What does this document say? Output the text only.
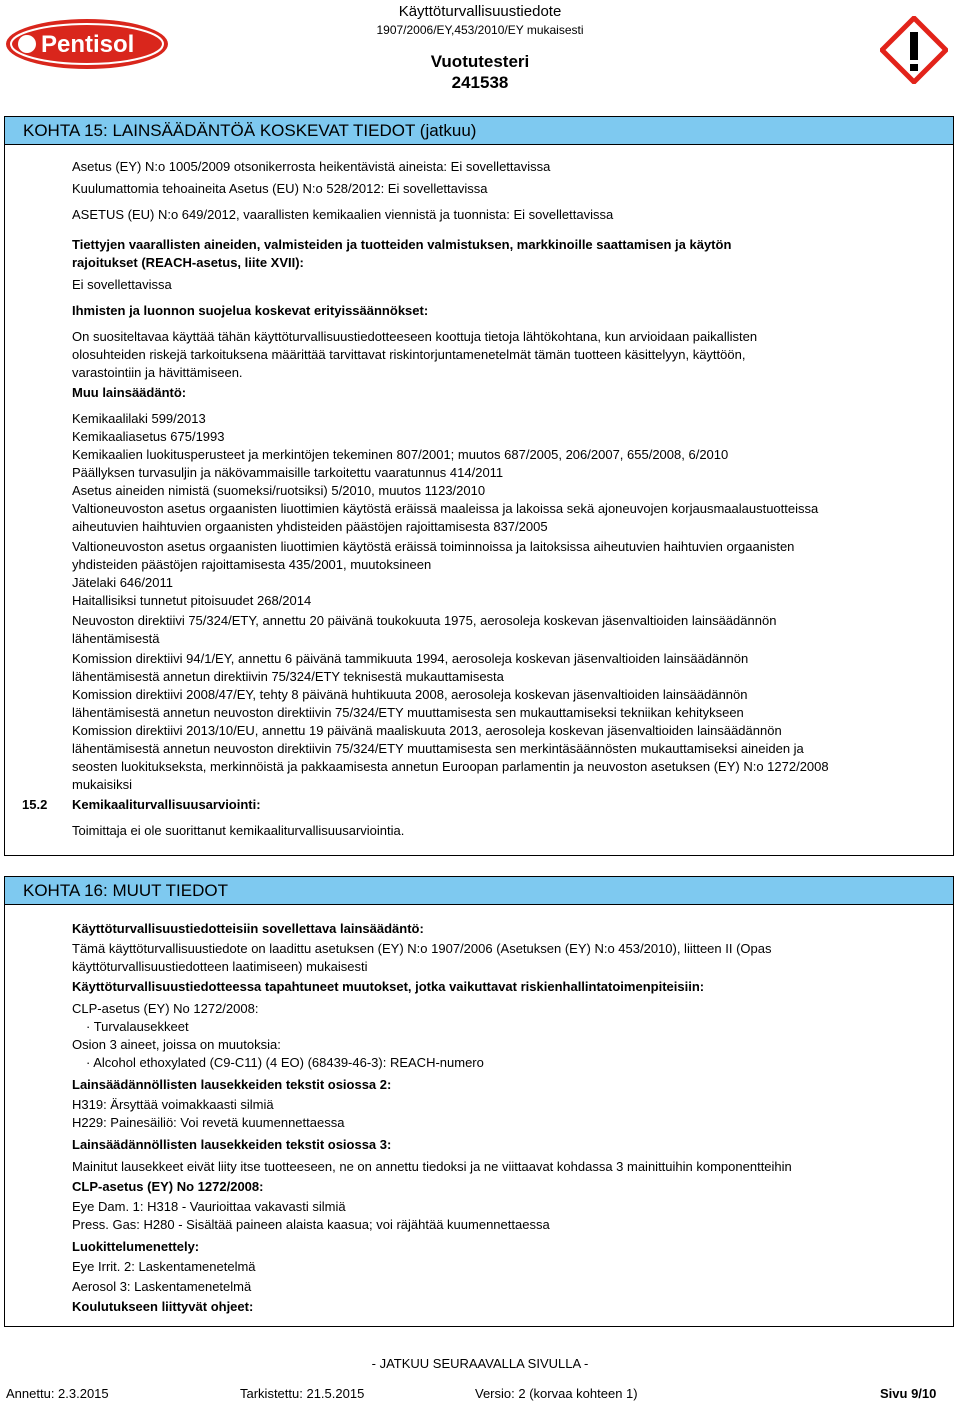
Pentisol
Käyttöturvallisuustiedote
1907/2006/EY,453/2010/EY mukaisesti
Vuotutesteri
241538
KOHTA 15: LAINSÄÄDÄNTÖÄ KOSKEVAT TIEDOT (jatkuu)
Asetus (EY) N:o 1005/2009 otsonikerrosta heikentävistä aineista: Ei sovellettavissa
Kuulumattomia tehoaineita Asetus (EU) N:o 528/2012: Ei sovellettavissa
ASETUS (EU) N:o 649/2012, vaarallisten kemikaalien viennistä ja tuonnista: Ei sovellettavissa
Tiettyjen vaarallisten aineiden, valmisteiden ja tuotteiden valmistuksen, markkinoille saattamisen ja käytön
rajoitukset (REACH-asetus, liite XVII):
Ei sovellettavissa
Ihmisten ja luonnon suojelua koskevat erityissäännökset:
On suositeltavaa käyttää tähän käyttöturvallisuustiedotteeseen koottuja tietoja lähtökohtana, kun arvioidaan paikallisten
olosuhteiden riskejä tarkoituksena määrittää tarvittavat riskintorjuntamenetelmät tämän tuotteen käsittelyyn, käyttöön,
varastointiin ja hävittämiseen.
Muu lainsäädäntö:
Kemikaalilaki 599/2013
Kemikaaliasetus 675/1993
Kemikaalien luokitusperusteet ja merkintöjen tekeminen 807/2001; muutos 687/2005, 206/2007, 655/2008, 6/2010
Päällyksen turvasuljin ja näkövammaisille tarkoitettu vaaratunnus 414/2011
Asetus aineiden nimistä (suomeksi/ruotsiksi) 5/2010, muutos 1123/2010
Valtioneuvoston asetus orgaanisten liuottimien käytöstä eräissä maaleissa ja lakoissa sekä ajoneuvojen korjausmaalaustuotteissa
aiheutuvien haihtuvien orgaanisten yhdisteiden päästöjen rajoittamisesta 837/2005
Valtioneuvoston asetus orgaanisten liuottimien käytöstä eräissä toiminnoissa ja laitoksissa aiheutuvien haihtuvien orgaanisten
yhdisteiden päästöjen rajoittamisesta 435/2001, muutoksineen
Jätelaki 646/2011
Haitallisiksi tunnetut pitoisuudet 268/2014
Neuvoston direktiivi 75/324/ETY, annettu 20 päivänä toukokuuta 1975, aerosoleja koskevan jäsenvaltioiden lainsäädännön
lähentämisestä
Komission direktiivi 94/1/EY, annettu 6 päivänä tammikuuta 1994, aerosoleja koskevan jäsenvaltioiden lainsäädännön
lähentämisestä annetun direktiivin 75/324/ETY teknisestä mukauttamisesta
Komission direktiivi 2008/47/EY, tehty 8 päivänä huhtikuuta 2008, aerosoleja koskevan jäsenvaltioiden lainsäädännön
lähentämisestä annetun neuvoston direktiivin 75/324/ETY muuttamisesta sen mukauttamiseksi tekniikan kehitykseen
Komission direktiivi 2013/10/EU, annettu 19 päivänä maaliskuuta 2013, aerosoleja koskevan jäsenvaltioiden lainsäädännön
lähentämisestä annetun neuvoston direktiivin 75/324/ETY muuttamisesta sen merkintäsäännösten mukauttamiseksi aineiden ja
seosten luokitukseksta, merkinnöistä ja pakkaamisesta annetun Euroopan parlamentin ja neuvoston asetuksen (EY) N:o 1272/2008
mukaisiksi
15.2 Kemikaaliturvallisuusarviointi:
Toimittaja ei ole suorittanut kemikaaliturvallisuusarviointia.
KOHTA 16: MUUT TIEDOT
Käyttöturvallisuustiedotteisiin sovellettava lainsäädäntö:
Tämä käyttöturvallisuustiedote on laadittu asetuksen (EY) N:o 1907/2006 (Asetuksen (EY) N:o 453/2010), liitteen II (Opas
käyttöturvallisuustiedotteen laatimiseen) mukaisesti
Käyttöturvallisuustiedotteessa tapahtuneet muutokset, jotka vaikuttavat riskienhallintatoimenpiteisiin:
CLP-asetus (EY) No 1272/2008:
· Turvalausekkeet
Osion 3 aineet, joissa on muutoksia:
· Alcohol ethoxylated (C9-C11) (4 EO) (68439-46-3): REACH-numero
Lainsäädännöllisten lausekkeiden tekstit osiossa 2:
H319: Ärsyttää voimakkaasti silmiä
H229: Painesäiliö: Voi revetä kuumennettaessa
Lainsäädännöllisten lausekkeiden tekstit osiossa 3:
Mainitut lausekkeet eivät liity itse tuotteeseen, ne on annettu tiedoksi ja ne viittaavat kohdassa 3 mainittuihin komponentteihin
CLP-asetus (EY) No 1272/2008:
Eye Dam. 1: H318 - Vaurioittaa vakavasti silmiä
Press. Gas: H280 - Sisältää paineen alaista kaasua; voi räjähtää kuumennettaessa
Luokittelumenettely:
Eye Irrit. 2: Laskentamenetelmä
Aerosol 3: Laskentamenetelmä
Koulutukseen liittyvät ohjeet:
- JATKUU SEURAAVALLA SIVULLA -
Annettu: 2.3.2015	Tarkistettu: 21.5.2015	Versio: 2 (korvaa kohteen 1)	Sivu 9/10
